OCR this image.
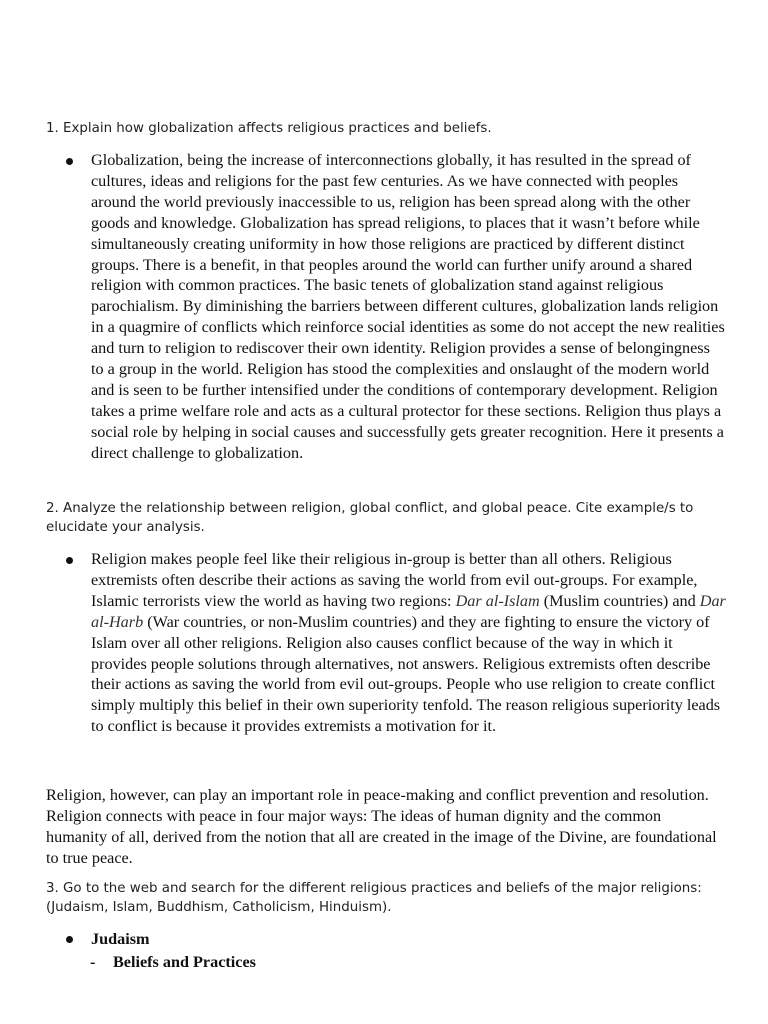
1. Explain how globalization affects religious practices and beliefs.

Globalization, being the increase of interconnections globally, it has resulted in the spread of cultures, ideas and religions for the past few centuries. As we have connected with peoples around the world previously inaccessible to us, religion has been spread along with the other goods and knowledge. Globalization has spread religions, to places that it wasn’t before while simultaneously creating uniformity in how those religions are practiced by different distinct groups. There is a benefit, in that peoples around the world can further unify around a shared religion with common practices. The basic tenets of globalization stand against religious parochialism. By diminishing the barriers between different cultures, globalization lands religion in a quagmire of conflicts which reinforce social identities as some do not accept the new realities and turn to religion to rediscover their own identity. Religion provides a sense of belongingness to a group in the world. Religion has stood the complexities and onslaught of the modern world and is seen to be further intensified under the conditions of contemporary development. Religion takes a prime welfare role and acts as a cultural protector for these sections. Religion thus plays a social role by helping in social causes and successfully gets greater recognition. Here it presents a direct challenge to globalization.

2. Analyze the relationship between religion, global conflict, and global peace. Cite example/s to elucidate your analysis.

Religion makes people feel like their religious in-group is better than all others. Religious extremists often describe their actions as saving the world from evil out-groups. For example, Islamic terrorists view the world as having two regions: Dar al-Islam (Muslim countries) and Dar al-Harb (War countries, or non-Muslim countries) and they are fighting to ensure the victory of Islam over all other religions. Religion also causes conflict because of the way in which it provides people solutions through alternatives, not answers. Religious extremists often describe their actions as saving the world from evil out-groups. People who use religion to create conflict simply multiply this belief in their own superiority tenfold. The reason religious superiority leads to conflict is because it provides extremists a motivation for it.

Religion, however, can play an important role in peace-making and conflict prevention and resolution. Religion connects with peace in four major ways: The ideas of human dignity and the common humanity of all, derived from the notion that all are created in the image of the Divine, are foundational to true peace.

3. Go to the web and search for the different religious practices and beliefs of the major religions: (Judaism, Islam, Buddhism, Catholicism, Hinduism).

Judaism

- Beliefs and Practices
